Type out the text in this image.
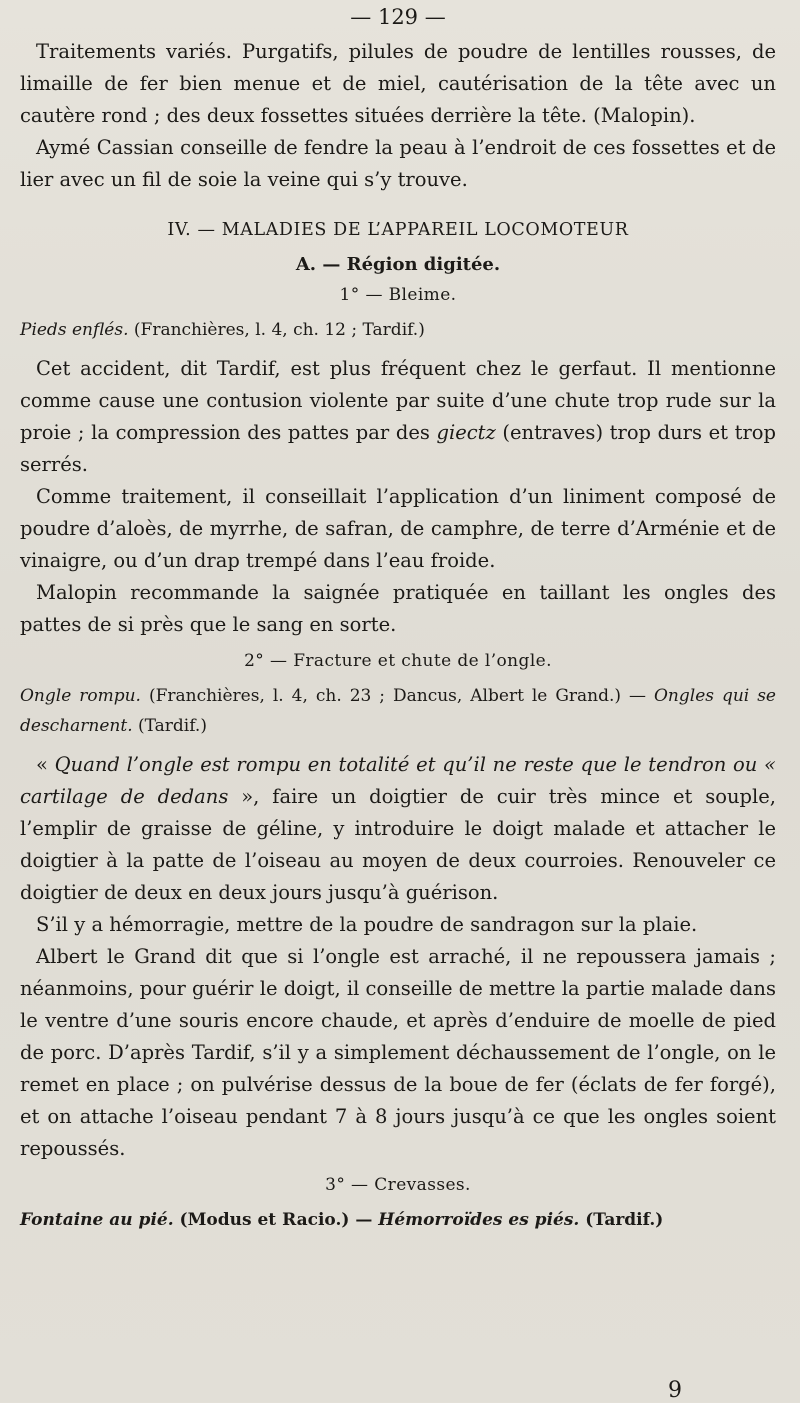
— 129 —

Traitements variés. Purgatifs, pilules de poudre de lentilles rousses, de limaille de fer bien menue et de miel, cautérisation de la tête avec un cautère rond ; des deux fossettes situées derrière la tête. (Malopin).

Aymé Cassian conseille de fendre la peau à l’endroit de ces fossettes et de lier avec un fil de soie la veine qui s’y trouve.

IV. — MALADIES DE L’APPAREIL LOCOMOTEUR
A. — Région digitée.
1° — Bleime.

Pieds enflés. (Franchières, l. 4, ch. 12 ; Tardif.)

Cet accident, dit Tardif, est plus fréquent chez le gerfaut. Il mentionne comme cause une contusion violente par suite d’une chute trop rude sur la proie ; la compression des pattes par des giectz (entraves) trop durs et trop serrés.

Comme traitement, il conseillait l’application d’un liniment composé de poudre d’aloès, de myrrhe, de safran, de camphre, de terre d’Arménie et de vinaigre, ou d’un drap trempé dans l’eau froide.

Malopin recommande la saignée pratiquée en taillant les ongles des pattes de si près que le sang en sorte.

2° — Fracture et chute de l’ongle.

Ongle rompu. (Franchières, l. 4, ch. 23 ; Dancus, Albert le Grand.) — Ongles qui se descharnent. (Tardif.)

« Quand l’ongle est rompu en totalité et qu’il ne reste que le tendron ou « cartilage de dedans », faire un doigtier de cuir très mince et souple, l’emplir de graisse de géline, y introduire le doigt malade et attacher le doigtier à la patte de l’oiseau au moyen de deux courroies. Renouveler ce doigtier de deux en deux jours jusqu’à guérison.

S’il y a hémorragie, mettre de la poudre de sandragon sur la plaie.

Albert le Grand dit que si l’ongle est arraché, il ne repoussera jamais ; néanmoins, pour guérir le doigt, il conseille de mettre la partie malade dans le ventre d’une souris encore chaude, et après d’enduire de moelle de pied de porc. D’après Tardif, s’il y a simplement déchaussement de l’ongle, on le remet en place ; on pulvérise dessus de la boue de fer (éclats de fer forgé), et on attache l’oiseau pendant 7 à 8 jours jusqu’à ce que les ongles soient repoussés.

3° — Crevasses.

Fontaine au pié. (Modus et Racio.) — Hémorroïdes es piés. (Tardif.)

9
